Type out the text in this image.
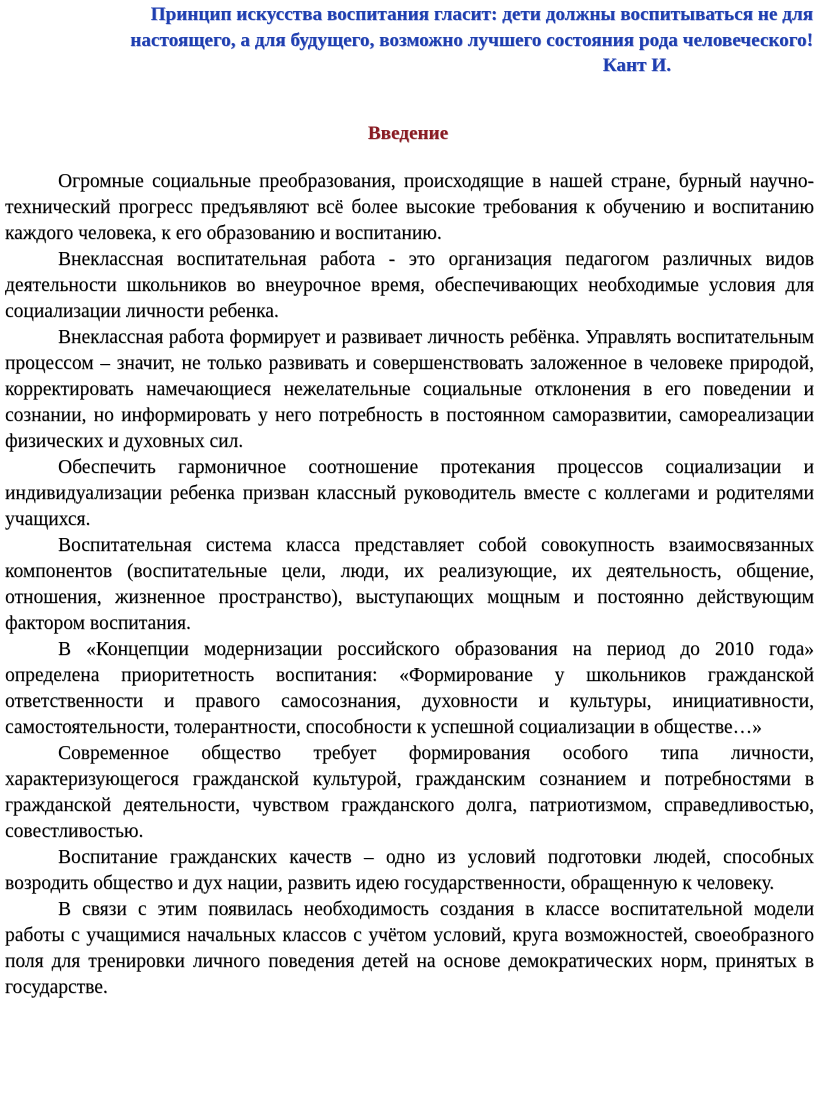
Принцип искусства воспитания гласит: дети должны воспитываться не для настоящего, а для будущего, возможно лучшего состояния рода человеческого!
Кант И.
Введение

Огромные социальные преобразования, происходящие в нашей стране, бурный научно-технический прогресс предъявляют всё более высокие требования к обучению и воспитанию каждого человека, к его образованию и воспитанию.

Внеклассная воспитательная работа - это организация педагогом различных видов деятельности школьников во внеурочное время, обеспечивающих необходимые условия для социализации личности ребенка.

Внеклассная работа формирует и развивает личность ребёнка. Управлять воспитательным процессом – значит, не только развивать и совершенствовать заложенное в человеке природой, корректировать намечающиеся нежелательные социальные отклонения в его поведении и сознании, но информировать у него потребность в постоянном саморазвитии, самореализации физических и духовных сил.

Обеспечить гармоничное соотношение протекания процессов социализации и индивидуализации ребенка призван классный руководитель вместе с коллегами и родителями учащихся.

Воспитательная система класса представляет собой совокупность взаимосвязанных компонентов (воспитательные цели, люди, их реализующие, их деятельность, общение, отношения, жизненное пространство), выступающих мощным и постоянно действующим фактором воспитания.

В «Концепции модернизации российского образования на период до 2010 года» определена приоритетность воспитания: «Формирование у школьников гражданской ответственности и правого самосознания, духовности и культуры, инициативности, самостоятельности, толерантности, способности к успешной социализации в обществе…»

Современное общество требует формирования особого типа личности, характеризующегося гражданской культурой, гражданским сознанием и потребностями в гражданской деятельности, чувством гражданского долга, патриотизмом, справедливостью, совестливостью.

Воспитание гражданских качеств – одно из условий подготовки людей, способных возродить общество и дух нации, развить идею государственности, обращенную к человеку.

В связи с этим появилась необходимость создания в классе воспитательной модели работы с учащимися начальных классов с учётом условий, круга возможностей, своеобразного поля для тренировки личного поведения детей на основе демократических норм, принятых в государстве.
